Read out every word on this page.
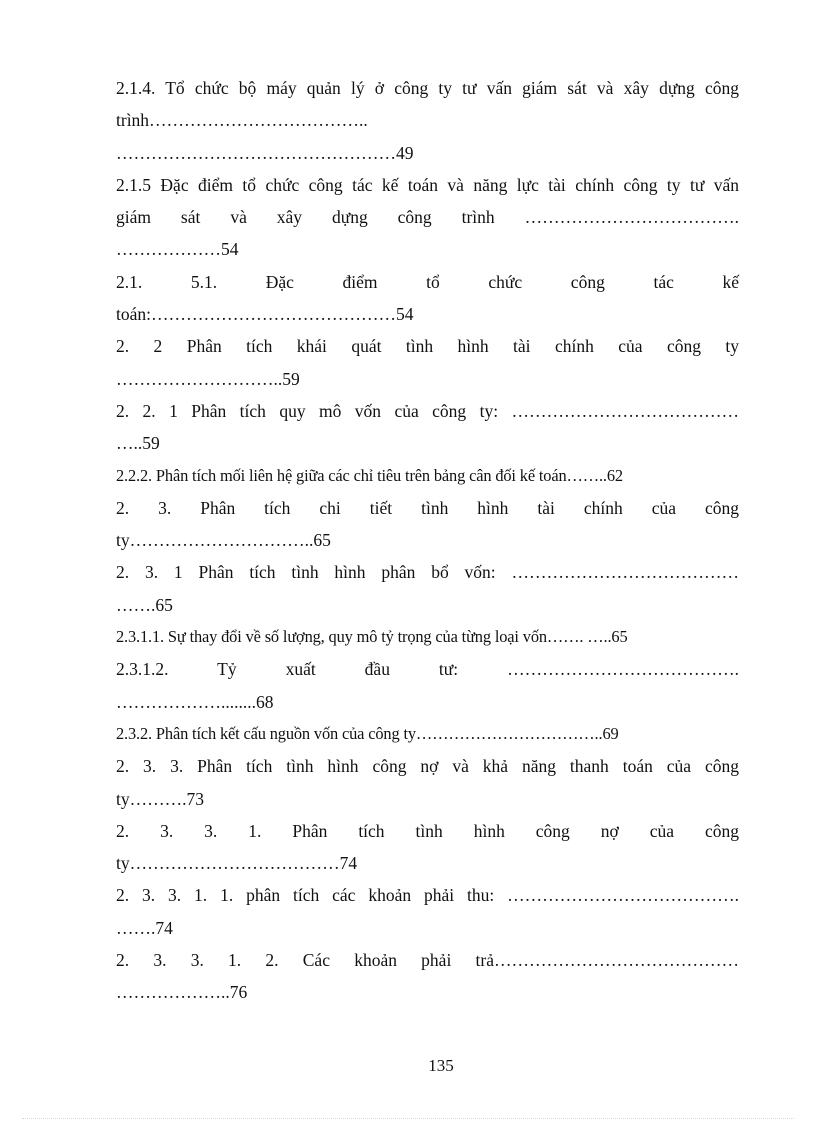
2.1.4. Tổ chức bộ máy quản lý ở công ty tư vấn giám sát và xây dựng công
trình………………………………..

…………………………………………49

2.1.5 Đặc điểm tổ chức công tác kế toán và năng lực tài chính công ty tư vấn
giám sát và xây dựng công trình ……………………………….

………………54

2.1. 5.1. Đặc điểm tổ chức công tác kế
toán:……………………………………54

2. 2 Phân tích khái quát tình hình tài chính của công ty
………………………..59

2. 2. 1 Phân tích quy mô vốn của công ty: …………………………………
…..59

2.2.2. Phân tích mối liên hệ giữa các chỉ tiêu trên bảng cân đối kế toán……..62

2. 3. Phân tích chi tiết tình hình tài chính của công
ty…………………………..65

2. 3. 1 Phân tích tình hình phân bổ vốn: …………………………………
…….65

2.3.1.1. Sự thay đổi về số lượng, quy mô tỷ trọng của từng loại vốn……. …..65

2.3.1.2. Tỷ xuất đầu tư: ………………………………….
………………........68

2.3.2. Phân tích kết cấu nguồn vốn của công ty……………………………..69

2. 3. 3. Phân tích tình hình công nợ và khả năng thanh toán của công
ty……….73

2. 3. 3. 1. Phân tích tình hình công nợ của công
ty………………………………74

2. 3. 3. 1. 1. phân tích các khoản phải thu: ………………………………….
…….74

2. 3. 3. 1. 2. Các khoản phải trả……………………………………
………………..76

135
